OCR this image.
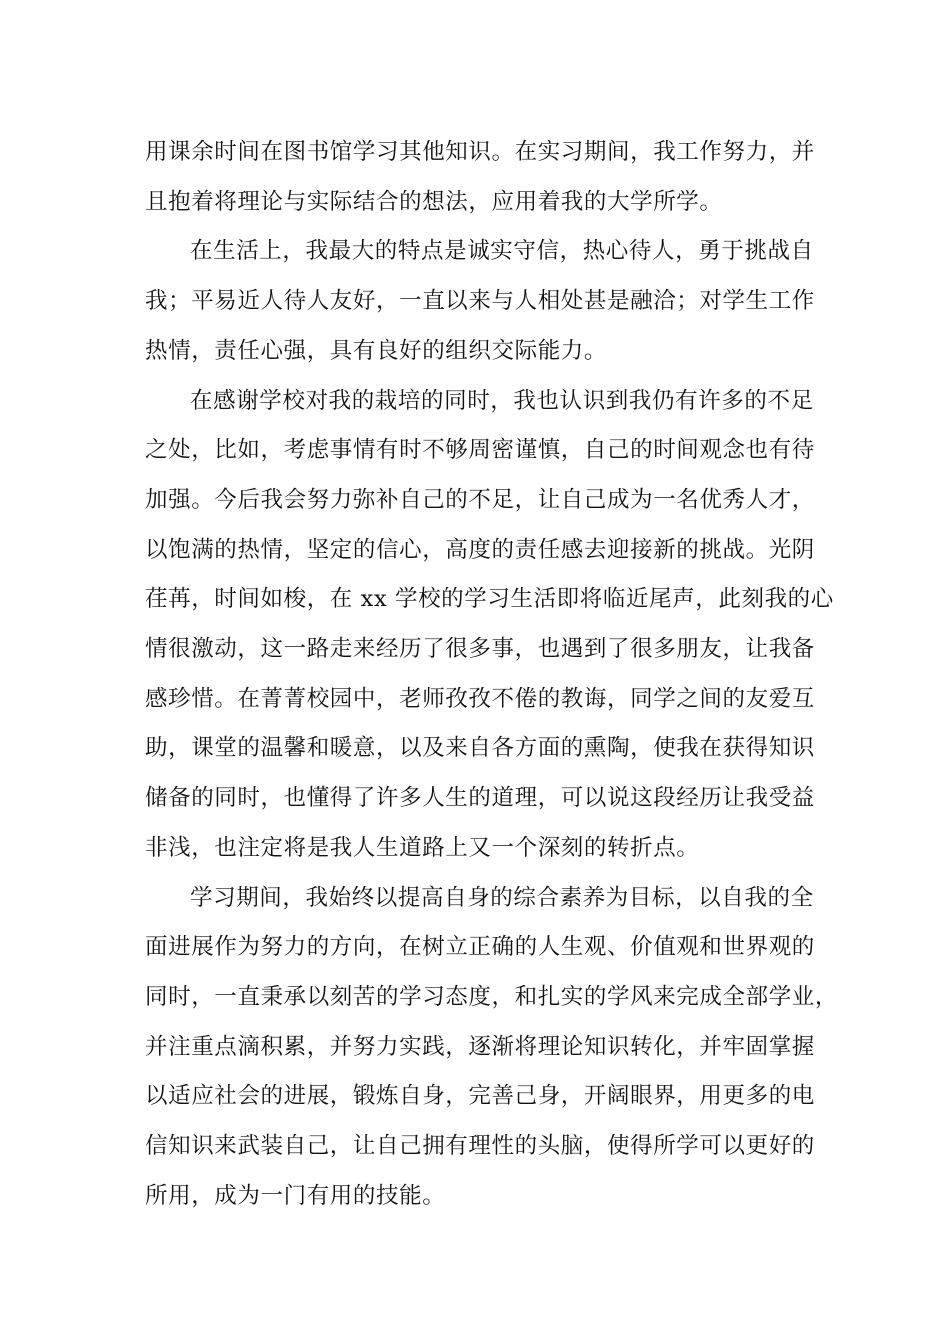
用课余时间在图书馆学习其他知识。在实习期间，我工作努力，并
且抱着将理论与实际结合的想法，应用着我的大学所学。

在生活上，我最大的特点是诚实守信，热心待人，勇于挑战自
我；平易近人待人友好，一直以来与人相处甚是融洽；对学生工作
热情，责任心强，具有良好的组织交际能力。

在感谢学校对我的栽培的同时，我也认识到我仍有许多的不足
之处，比如，考虑事情有时不够周密谨慎，自己的时间观念也有待
加强。今后我会努力弥补自己的不足，让自己成为一名优秀人才，
以饱满的热情，坚定的信心，高度的责任感去迎接新的挑战。光阴
荏苒，时间如梭，在 xx 学校的学习生活即将临近尾声，此刻我的心
情很激动，这一路走来经历了很多事，也遇到了很多朋友，让我备
感珍惜。在菁菁校园中，老师孜孜不倦的教诲，同学之间的友爱互
助，课堂的温馨和暖意，以及来自各方面的熏陶，使我在获得知识
储备的同时，也懂得了许多人生的道理，可以说这段经历让我受益
非浅，也注定将是我人生道路上又一个深刻的转折点。

学习期间，我始终以提高自身的综合素养为目标，以自我的全
面进展作为努力的方向，在树立正确的人生观、价值观和世界观的
同时，一直秉承以刻苦的学习态度，和扎实的学风来完成全部学业，
并注重点滴积累，并努力实践，逐渐将理论知识转化，并牢固掌握
以适应社会的进展，锻炼自身，完善己身，开阔眼界，用更多的电
信知识来武装自己，让自己拥有理性的头脑，使得所学可以更好的
所用，成为一门有用的技能。
